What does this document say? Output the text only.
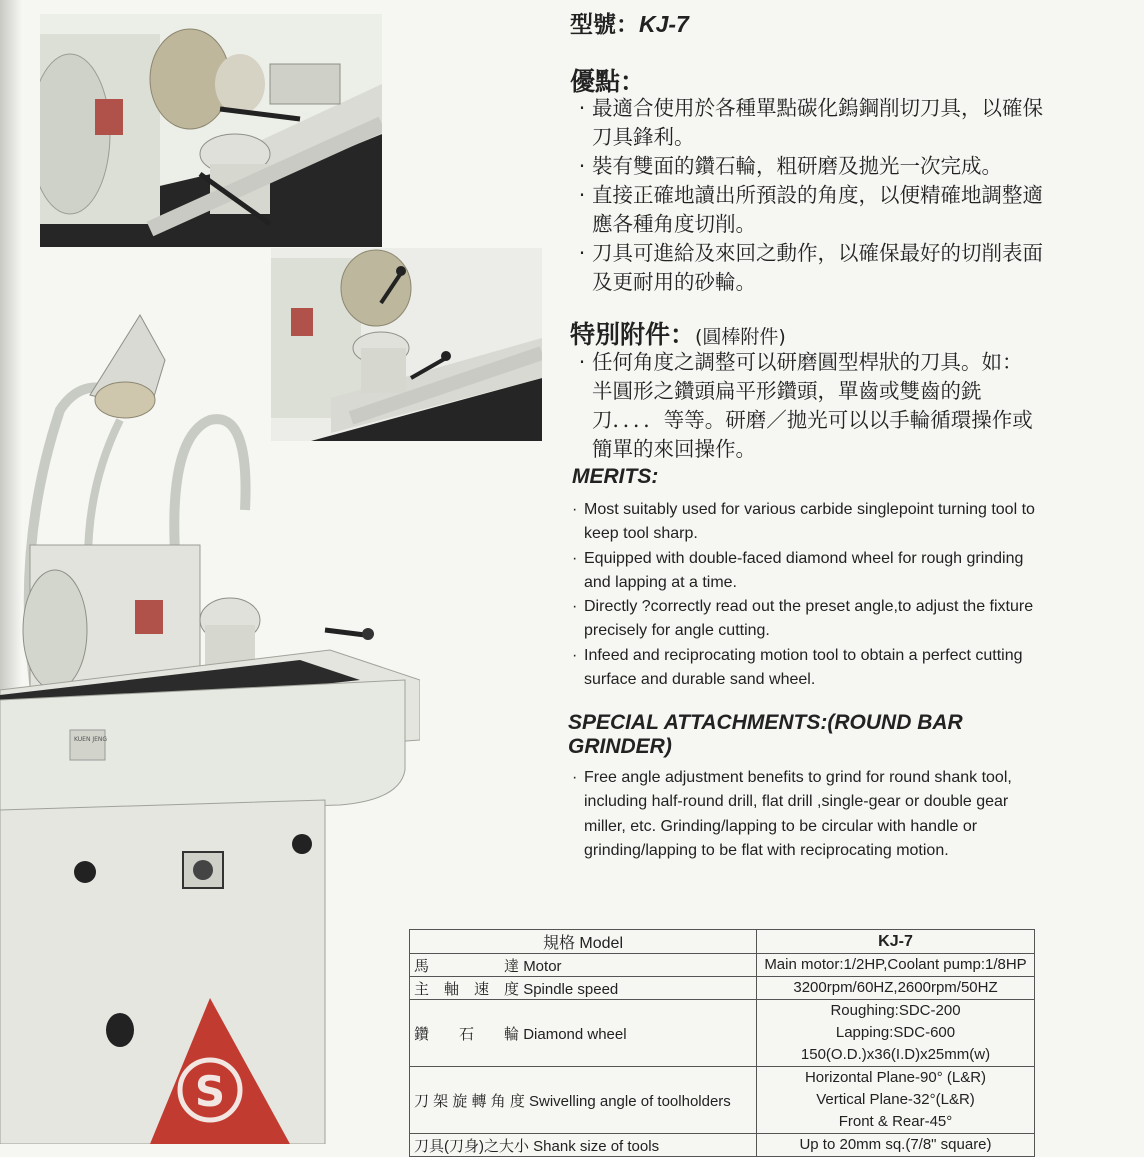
S
型號：KJ-7
優點：
· 最適合使用於各種單點碳化鎢鋼削切刀具，以確保刀具鋒利。
· 裝有雙面的鑽石輪，粗研磨及拋光一次完成。
· 直接正確地讀出所預設的角度，以便精確地調整適應各種角度切削。
· 刀具可進給及來回之動作，以確保最好的切削表面及更耐用的砂輪。
特別附件：(圓棒附件)
· 任何角度之調整可以研磨圓型桿狀的刀具。如：半圓形之鑽頭扁平形鑽頭，單齒或雙齒的銑刀．．．．等等。研磨／拋光可以以手輪循環操作或簡單的來回操作。
MERITS:
· Most suitably used for various carbide singlepoint turning tool to keep tool sharp.
· Equipped with double-faced diamond wheel for rough grinding and lapping at a time.
· Directly ?correctly read out the preset angle,to adjust the fixture precisely for angle cutting.
· Infeed and reciprocating motion tool to obtain a perfect cutting surface and durable sand wheel.
SPECIAL ATTACHMENTS:(ROUND BAR GRINDER)
· Free angle adjustment benefits to grind for round shank tool, including half-round drill, flat drill ,single-gear or double gear miller, etc. Grinding/lapping to be circular with handle or grinding/lapping to be flat with reciprocating motion.
規格 Model	KJ-7
馬　　　　　達 Motor	Main motor:1/2HP,Coolant pump:1/8HP

主　軸　速　度 Spindle speed	3200rpm/60HZ,2600rpm/50HZ

鑽　　石　　輪 Diamond wheel	Roughing:SDC-200
Lapping:SDC-600
150(O.D.)x36(I.D)x25mm(w)

刀 架 旋 轉 角 度 Swivelling angle of toolholders	Horizontal Plane-90° (L&R)
Vertical Plane-32°(L&R)
Front & Rear-45°

刀具(刀身)之大小 Shank size of tools	Up to 20mm sq.(7/8" square)
KUEN JENG
